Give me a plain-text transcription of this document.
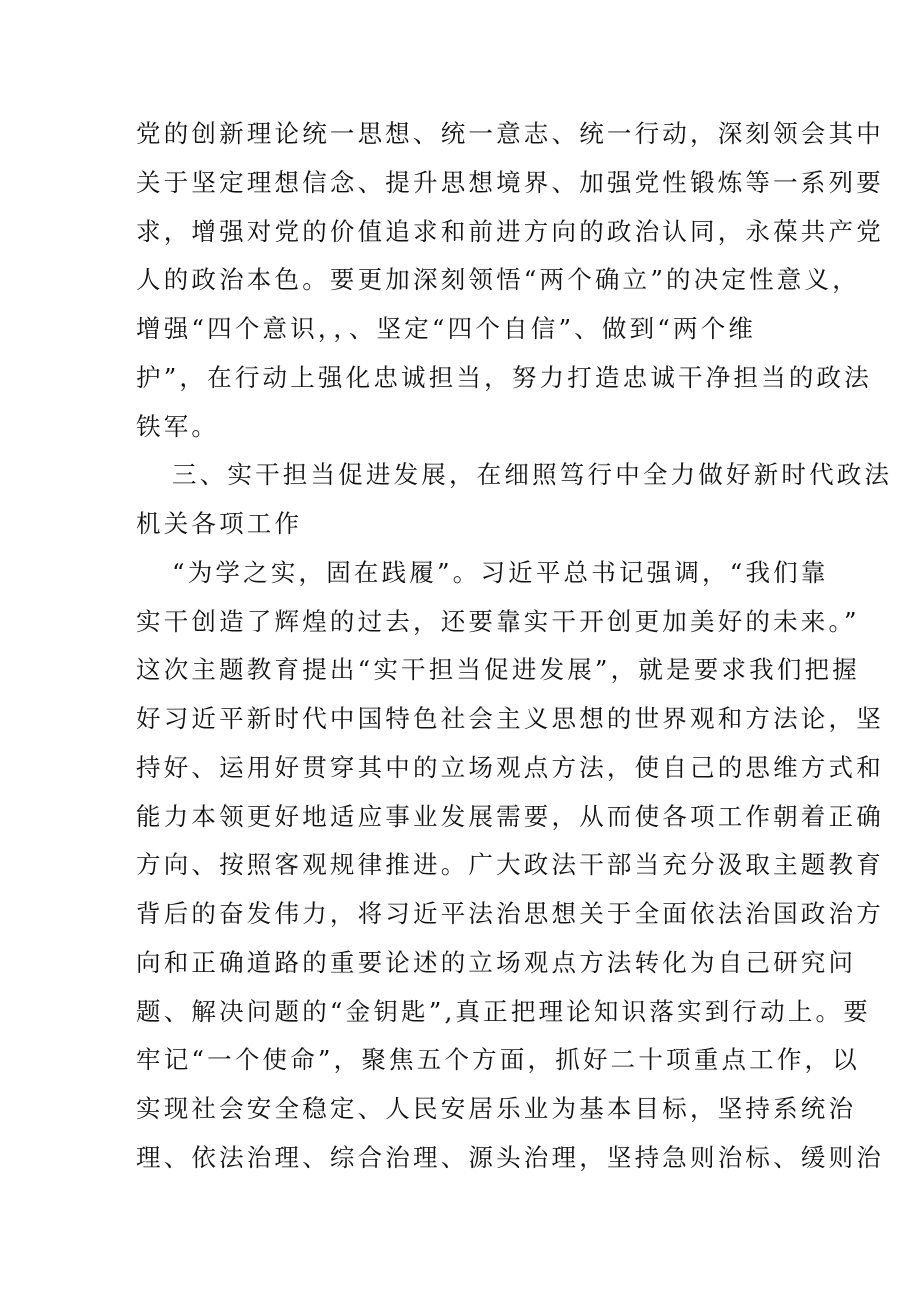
党的创新理论统一思想、统一意志、统一行动，深刻领会其中
关于坚定理想信念、提升思想境界、加强党性锻炼等一系列要
求，增强对党的价值追求和前进方向的政治认同，永葆共产党
人的政治本色。要更加深刻领悟“两个确立”的决定性意义，
增强“四个意识，，、坚定“四个自信”、做到“两个维
护”，在行动上强化忠诚担当，努力打造忠诚干净担当的政法
铁军。
三、实干担当促进发展，在细照笃行中全力做好新时代政法
机关各项工作
“为学之实，固在践履”。习近平总书记强调，“我们靠
实干创造了辉煌的过去，还要靠实干开创更加美好的未来。”
这次主题教育提出“实干担当促进发展”，就是要求我们把握
好习近平新时代中国特色社会主义思想的世界观和方法论，坚
持好、运用好贯穿其中的立场观点方法，使自己的思维方式和
能力本领更好地适应事业发展需要，从而使各项工作朝着正确
方向、按照客观规律推进。广大政法干部当充分汲取主题教育
背后的奋发伟力，将习近平法治思想关于全面依法治国政治方
向和正确道路的重要论述的立场观点方法转化为自己研究问
题、解决问题的“金钥匙”,真正把理论知识落实到行动上。要
牢记“一个使命”，聚焦五个方面，抓好二十项重点工作，以
实现社会安全稳定、人民安居乐业为基本目标，坚持系统治
理、依法治理、综合治理、源头治理，坚持急则治标、缓则治
